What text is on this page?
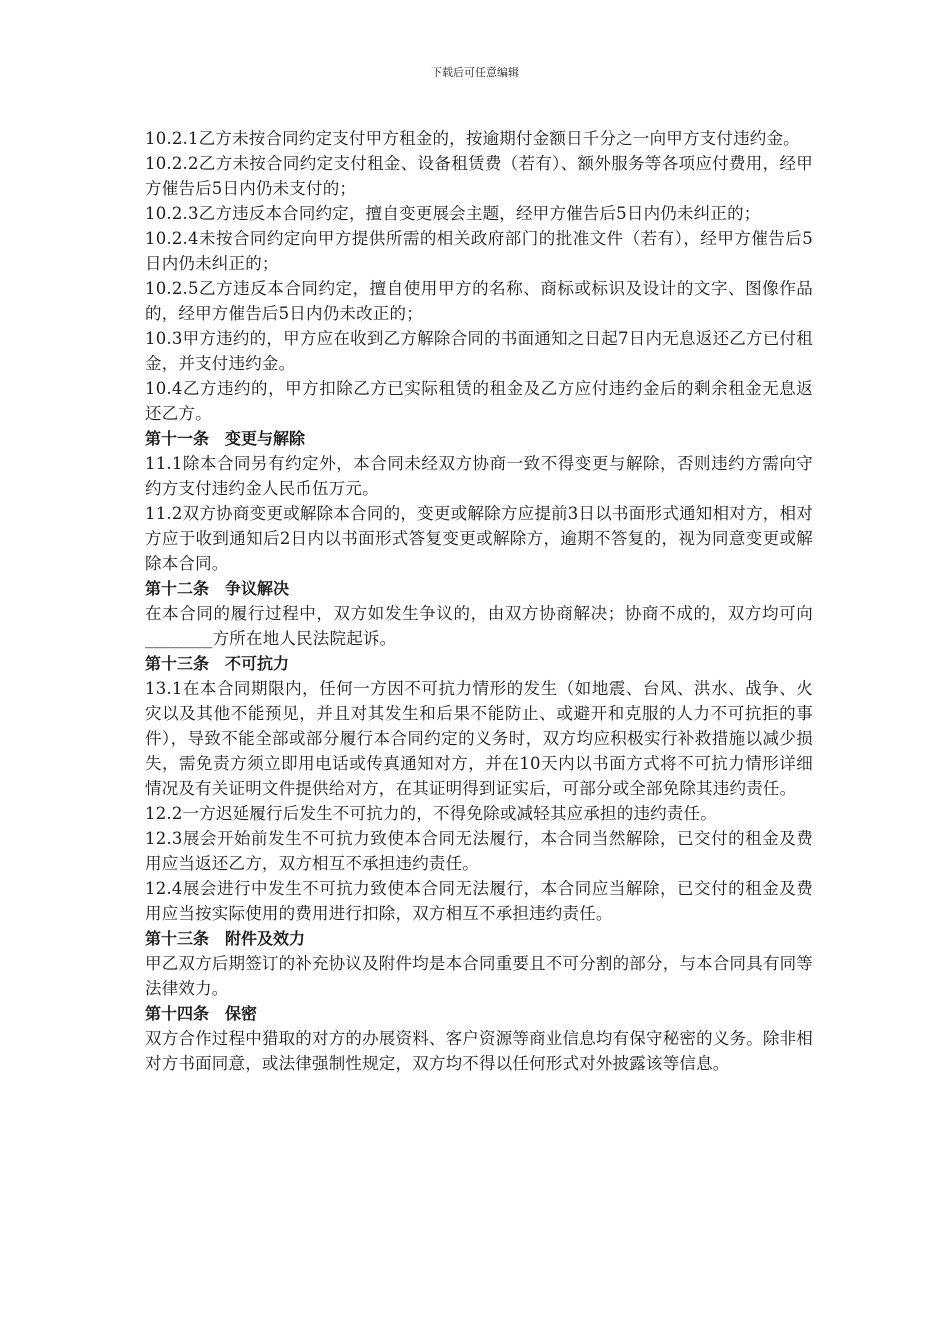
下载后可任意编辑

10.2.1乙方未按合同约定支付甲方租金的，按逾期付金额日千分之一向甲方支付违约金。

10.2.2乙方未按合同约定支付租金、设备租赁费（若有）、额外服务等各项应付费用，经甲方催告后5日内仍未支付的；

10.2.3乙方违反本合同约定，擅自变更展会主题，经甲方催告后5日内仍未纠正的；

10.2.4未按合同约定向甲方提供所需的相关政府部门的批准文件（若有），经甲方催告后5日内仍未纠正的；

10.2.5乙方违反本合同约定，擅自使用甲方的名称、商标或标识及设计的文字、图像作品的，经甲方催告后5日内仍未改正的；

10.3甲方违约的，甲方应在收到乙方解除合同的书面通知之日起7日内无息返还乙方已付租金，并支付违约金。

10.4乙方违约的，甲方扣除乙方已实际租赁的租金及乙方应付违约金后的剩余租金无息返还乙方。

第十一条　变更与解除

11.1除本合同另有约定外，本合同未经双方协商一致不得变更与解除，否则违约方需向守约方支付违约金人民币伍万元。

11.2双方协商变更或解除本合同的，变更或解除方应提前3日以书面形式通知相对方，相对方应于收到通知后2日内以书面形式答复变更或解除方，逾期不答复的，视为同意变更或解除本合同。

第十二条　争议解决

在本合同的履行过程中，双方如发生争议的，由双方协商解决；协商不成的，双方均可向________方所在地人民法院起诉。

第十三条　不可抗力

13.1在本合同期限内，任何一方因不可抗力情形的发生（如地震、台风、洪水、战争、火灾以及其他不能预见，并且对其发生和后果不能防止、或避开和克服的人力不可抗拒的事件），导致不能全部或部分履行本合同约定的义务时，双方均应积极实行补救措施以减少损失，需免责方须立即用电话或传真通知对方，并在10天内以书面方式将不可抗力情形详细情况及有关证明文件提供给对方，在其证明得到证实后，可部分或全部免除其违约责任。

12.2一方迟延履行后发生不可抗力的，不得免除或减轻其应承担的违约责任。

12.3展会开始前发生不可抗力致使本合同无法履行，本合同当然解除，已交付的租金及费用应当返还乙方，双方相互不承担违约责任。

12.4展会进行中发生不可抗力致使本合同无法履行，本合同应当解除，已交付的租金及费用应当按实际使用的费用进行扣除，双方相互不承担违约责任。

第十三条　附件及效力

甲乙双方后期签订的补充协议及附件均是本合同重要且不可分割的部分，与本合同具有同等法律效力。

第十四条　保密

双方合作过程中猎取的对方的办展资料、客户资源等商业信息均有保守秘密的义务。除非相对方书面同意，或法律强制性规定，双方均不得以任何形式对外披露该等信息。
